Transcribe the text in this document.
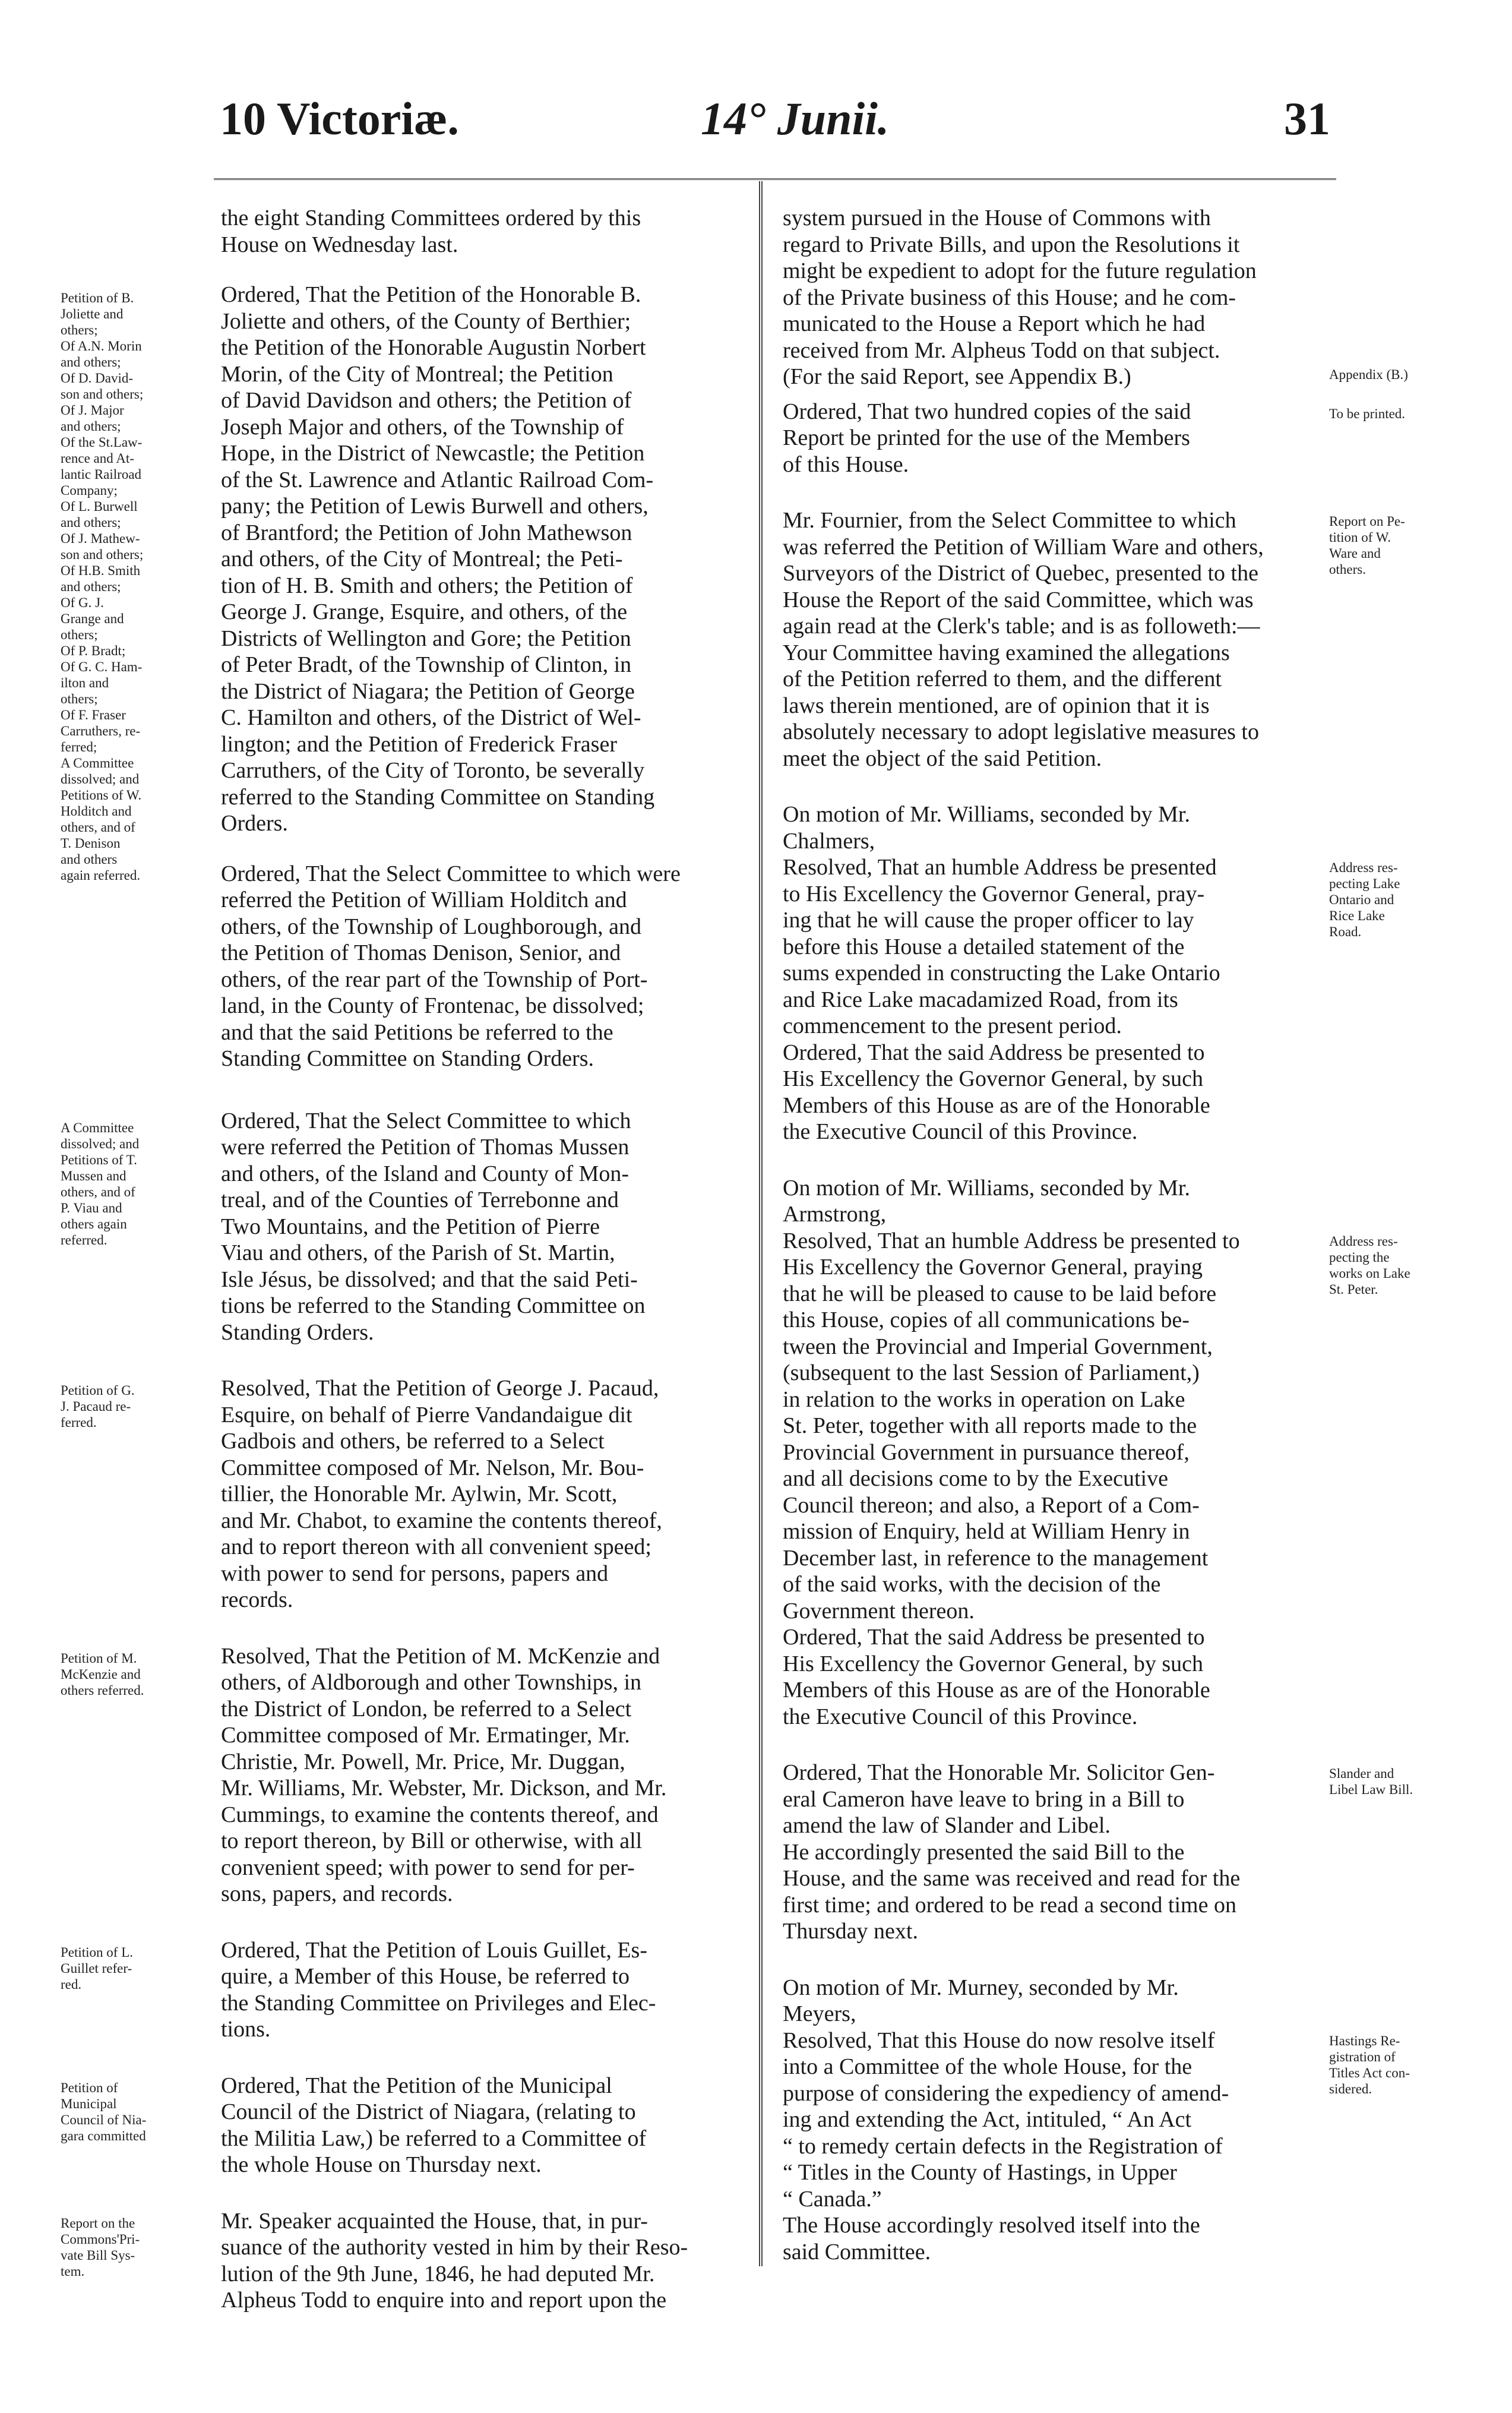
10 Victoriæ.	14° Junii.	31
the eight Standing Committees ordered by this
House on Wednesday last.
Petition of B.
Joliette and
others;
Of A.N. Morin
and others;
Of D. David-
son and others;
Of J. Major
and others;
Of the St.Law-
rence and At-
lantic Railroad
Company;
Of L. Burwell
and others;
Of J. Mathew-
son and others;
Of H.B. Smith
and others;
Of G. J.
Grange and
others;
Of P. Bradt;
Of G. C. Ham-
ilton and
others;
Of F. Fraser
Carruthers, re-
ferred;
A Committee
dissolved; and
Petitions of W.
Holditch and
others, and of
T. Denison
and others
again referred.
Ordered, That the Petition of the Honorable B.
Joliette and others, of the County of Berthier;
the Petition of the Honorable Augustin Norbert
Morin, of the City of Montreal; the Petition
of David Davidson and others; the Petition of
Joseph Major and others, of the Township of
Hope, in the District of Newcastle; the Petition
of the St. Lawrence and Atlantic Railroad Com-
pany; the Petition of Lewis Burwell and others,
of Brantford; the Petition of John Mathewson
and others, of the City of Montreal; the Peti-
tion of H. B. Smith and others; the Petition of
George J. Grange, Esquire, and others, of the
Districts of Wellington and Gore; the Petition
of Peter Bradt, of the Township of Clinton, in
the District of Niagara; the Petition of George
C. Hamilton and others, of the District of Wel-
lington; and the Petition of Frederick Fraser
Carruthers, of the City of Toronto, be severally
referred to the Standing Committee on Standing
Orders.
Ordered, That the Select Committee to which were
referred the Petition of William Holditch and
others, of the Township of Loughborough, and
the Petition of Thomas Denison, Senior, and
others, of the rear part of the Township of Port-
land, in the County of Frontenac, be dissolved;
and that the said Petitions be referred to the
Standing Committee on Standing Orders.
A Committee
dissolved; and
Petitions of T.
Mussen and
others, and of
P. Viau and
others again
referred.
Ordered, That the Select Committee to which
were referred the Petition of Thomas Mussen
and others, of the Island and County of Mon-
treal, and of the Counties of Terrebonne and
Two Mountains, and the Petition of Pierre
Viau and others, of the Parish of St. Martin,
Isle Jésus, be dissolved; and that the said Peti-
tions be referred to the Standing Committee on
Standing Orders.
Petition of G.
J. Pacaud re-
ferred.
Resolved, That the Petition of George J. Pacaud,
Esquire, on behalf of Pierre Vandandaigue dit
Gadbois and others, be referred to a Select
Committee composed of Mr. Nelson, Mr. Bou-
tillier, the Honorable Mr. Aylwin, Mr. Scott,
and Mr. Chabot, to examine the contents thereof,
and to report thereon with all convenient speed;
with power to send for persons, papers and
records.
Petition of M.
McKenzie and
others referred.
Resolved, That the Petition of M. McKenzie and
others, of Aldborough and other Townships, in
the District of London, be referred to a Select
Committee composed of Mr. Ermatinger, Mr.
Christie, Mr. Powell, Mr. Price, Mr. Duggan,
Mr. Williams, Mr. Webster, Mr. Dickson, and Mr.
Cummings, to examine the contents thereof, and
to report thereon, by Bill or otherwise, with all
convenient speed; with power to send for per-
sons, papers, and records.
Petition of L.
Guillet refer-
red.
Ordered, That the Petition of Louis Guillet, Es-
quire, a Member of this House, be referred to
the Standing Committee on Privileges and Elec-
tions.
Petition of
Municipal
Council of Nia-
gara committed
Ordered, That the Petition of the Municipal
Council of the District of Niagara, (relating to
the Militia Law,) be referred to a Committee of
the whole House on Thursday next.
Report on the
Commons'Pri-
vate Bill Sys-
tem.
Mr. Speaker acquainted the House, that, in pur-
suance of the authority vested in him by their Reso-
lution of the 9th June, 1846, he had deputed Mr.
Alpheus Todd to enquire into and report upon the
Appendix (B.)
system pursued in the House of Commons with
regard to Private Bills, and upon the Resolutions it
might be expedient to adopt for the future regulation
of the Private business of this House; and he com-
municated to the House a Report which he had
received from Mr. Alpheus Todd on that subject.
(For the said Report, see Appendix B.)
To be printed.
Ordered, That two hundred copies of the said
Report be printed for the use of the Members
of this House.
Report on Pe-
tition of W.
Ware and
others.
Mr. Fournier, from the Select Committee to which
was referred the Petition of William Ware and others,
Surveyors of the District of Quebec, presented to the
House the Report of the said Committee, which was
again read at the Clerk's table; and is as followeth:—
Your Committee having examined the allegations
of the Petition referred to them, and the different
laws therein mentioned, are of opinion that it is
absolutely necessary to adopt legislative measures to
meet the object of the said Petition.
Address res-
pecting Lake
Ontario and
Rice Lake
Road.
On motion of Mr. Williams, seconded by Mr.
Chalmers,
Resolved, That an humble Address be presented
to His Excellency the Governor General, pray-
ing that he will cause the proper officer to lay
before this House a detailed statement of the
sums expended in constructing the Lake Ontario
and Rice Lake macadamized Road, from its
commencement to the present period.
Ordered, That the said Address be presented to
His Excellency the Governor General, by such
Members of this House as are of the Honorable
the Executive Council of this Province.
Address res-
pecting the
works on Lake
St. Peter.
On motion of Mr. Williams, seconded by Mr.
Armstrong,
Resolved, That an humble Address be presented to
His Excellency the Governor General, praying
that he will be pleased to cause to be laid before
this House, copies of all communications be-
tween the Provincial and Imperial Government,
(subsequent to the last Session of Parliament,)
in relation to the works in operation on Lake
St. Peter, together with all reports made to the
Provincial Government in pursuance thereof,
and all decisions come to by the Executive
Council thereon; and also, a Report of a Com-
mission of Enquiry, held at William Henry in
December last, in reference to the management
of the said works, with the decision of the
Government thereon.
Ordered, That the said Address be presented to
His Excellency the Governor General, by such
Members of this House as are of the Honorable
the Executive Council of this Province.
Slander and
Libel Law Bill.
Ordered, That the Honorable Mr. Solicitor Gen-
eral Cameron have leave to bring in a Bill to
amend the law of Slander and Libel.
He accordingly presented the said Bill to the
House, and the same was received and read for the
first time; and ordered to be read a second time on
Thursday next.
Hastings Re-
gistration of
Titles Act con-
sidered.
On motion of Mr. Murney, seconded by Mr.
Meyers,
Resolved, That this House do now resolve itself
into a Committee of the whole House, for the
purpose of considering the expediency of amend-
ing and extending the Act, intituled, “ An Act
“ to remedy certain defects in the Registration of
“ Titles in the County of Hastings, in Upper
“ Canada.”
The House accordingly resolved itself into the
said Committee.
